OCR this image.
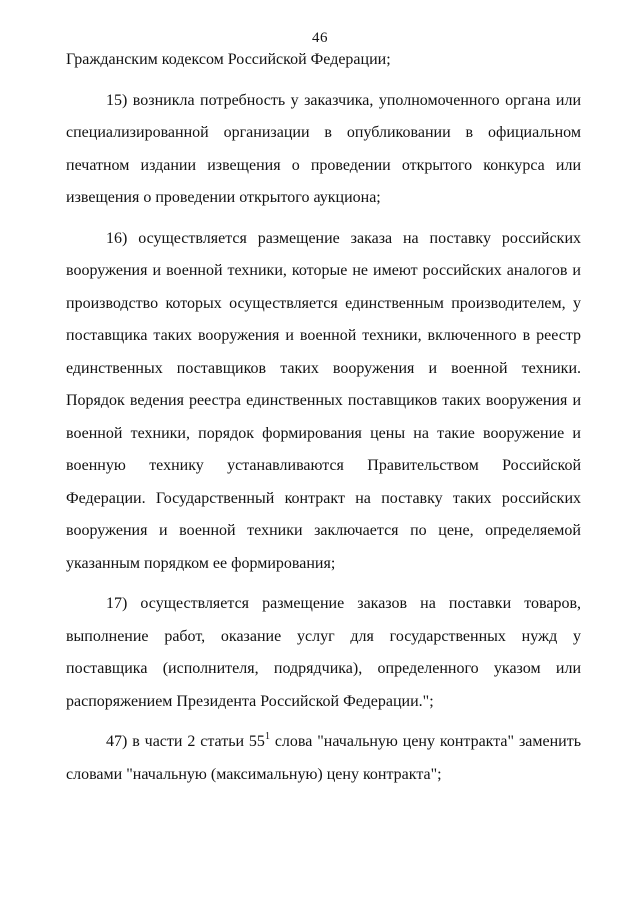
46

Гражданским кодексом Российской Федерации;

15) возникла потребность у заказчика, уполномоченного органа или специализированной организации в опубликовании в официальном печатном издании извещения о проведении открытого конкурса или извещения о проведении открытого аукциона;

16) осуществляется размещение заказа на поставку российских вооружения и военной техники, которые не имеют российских аналогов и производство которых осуществляется единственным производителем, у поставщика таких вооружения и военной техники, включенного в реестр единственных поставщиков таких вооружения и военной техники. Порядок ведения реестра единственных поставщиков таких вооружения и военной техники, порядок формирования цены на такие вооружение и военную технику устанавливаются Правительством Российской Федерации. Государственный контракт на поставку таких российских вооружения и военной техники заключается по цене, определяемой указанным порядком ее формирования;

17) осуществляется размещение заказов на поставки товаров, выполнение работ, оказание услуг для государственных нужд у поставщика (исполнителя, подрядчика), определенного указом или распоряжением Президента Российской Федерации.";

47) в части 2 статьи $55^1$ слова "начальную цену контракта" заменить словами "начальную (максимальную) цену контракта";
